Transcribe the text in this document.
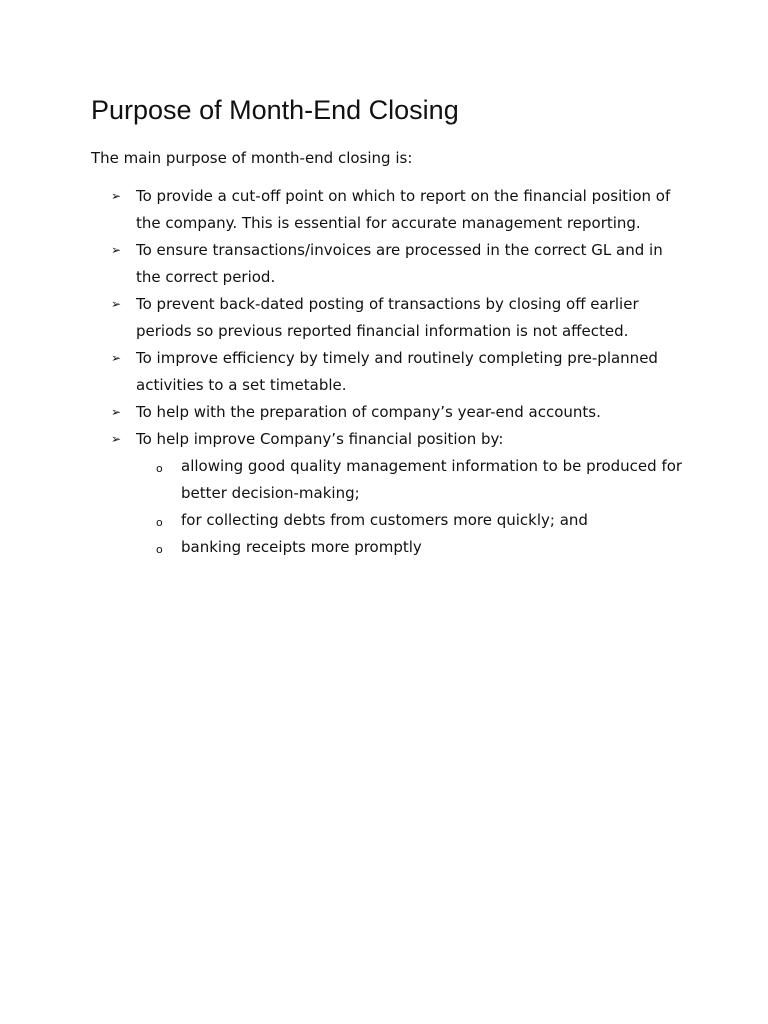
Purpose of Month-End Closing

The main purpose of month-end closing is:

➢ To provide a cut-off point on which to report on the financial position of the company. This is essential for accurate management reporting.
➢ To ensure transactions/invoices are processed in the correct GL and in the correct period.
➢ To prevent back-dated posting of transactions by closing off earlier periods so previous reported financial information is not affected.
➢ To improve efficiency by timely and routinely completing pre-planned activities to a set timetable.
➢ To help with the preparation of company’s year-end accounts.
➢ To help improve Company’s financial position by:
o allowing good quality management information to be produced for better decision-making;
o for collecting debts from customers more quickly; and
o banking receipts more promptly
